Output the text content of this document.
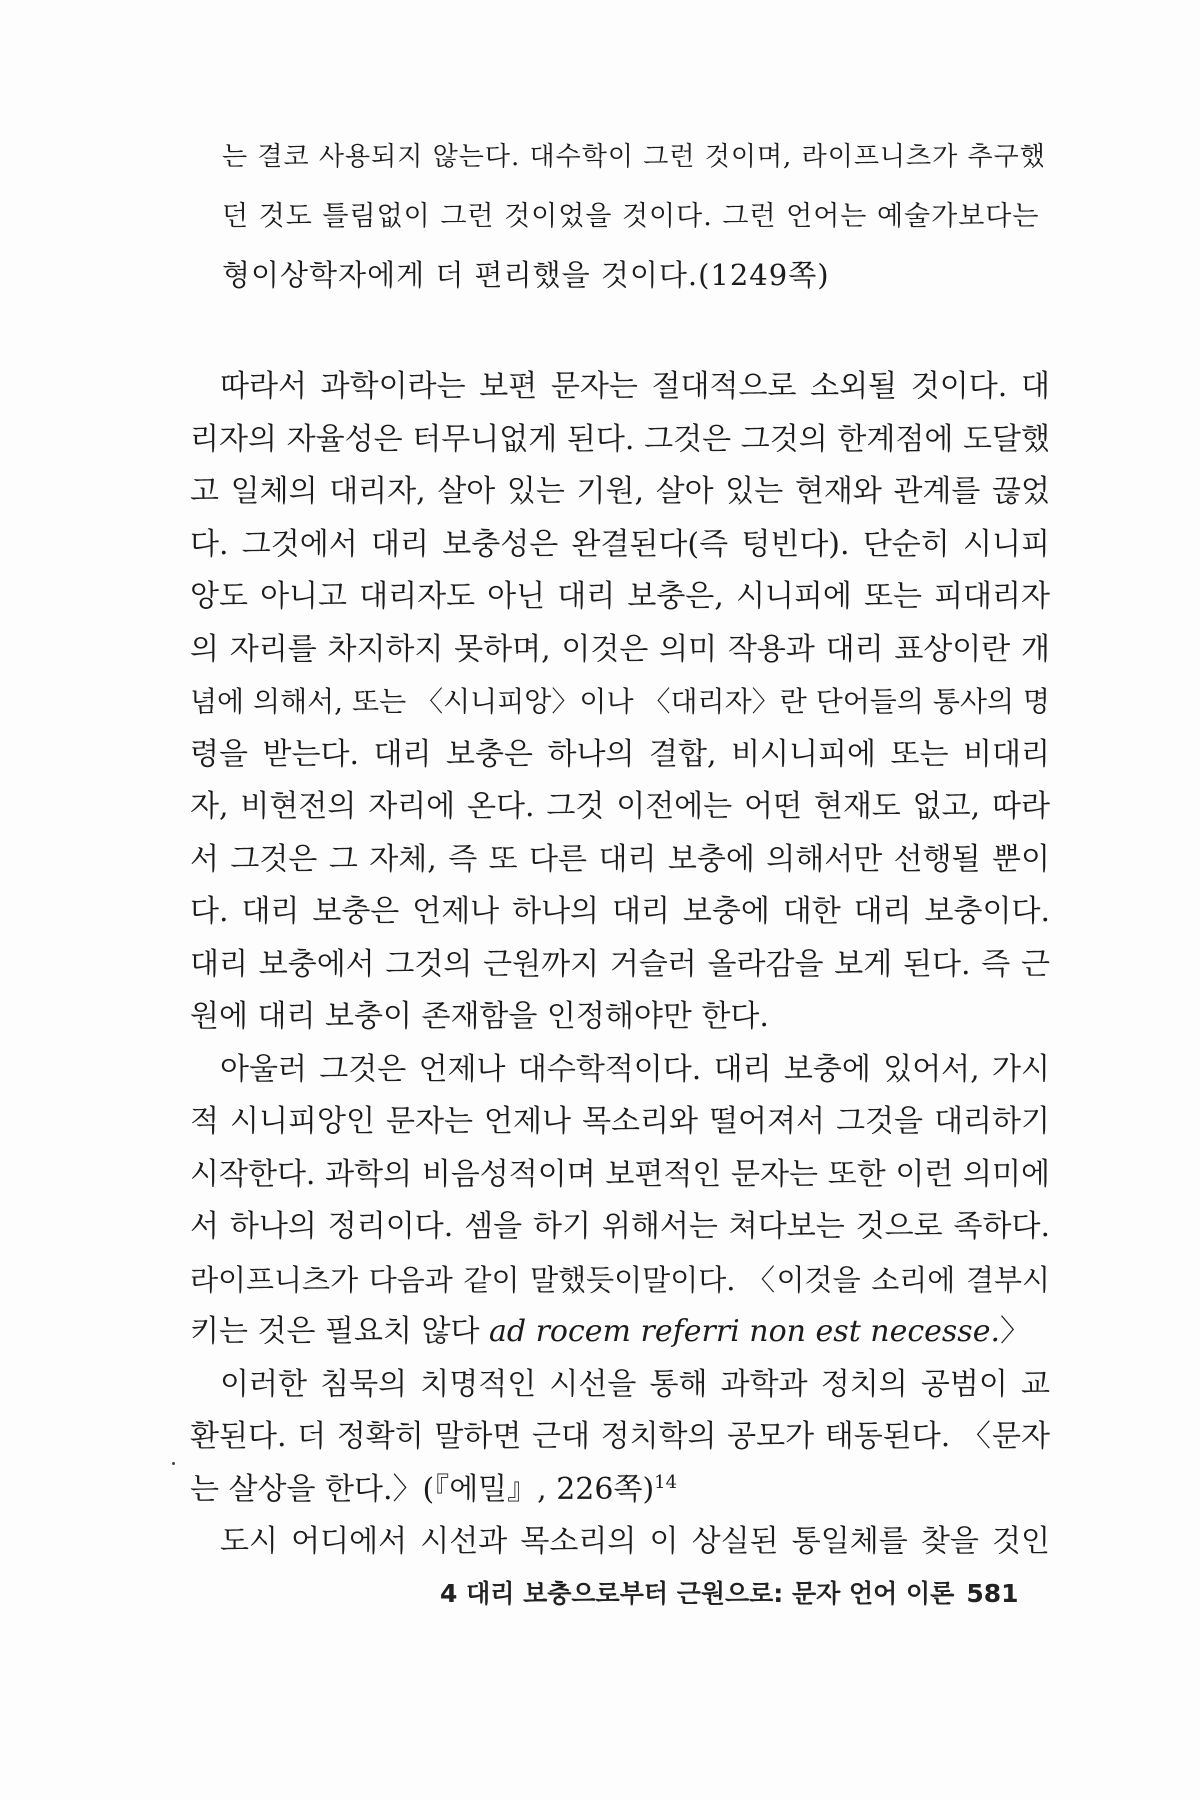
는 결코 사용되지 않는다. 대수학이 그런 것이며, 라이프니츠가 추구했
던 것도 틀림없이 그런 것이었을 것이다. 그런 언어는 예술가보다는
형이상학자에게 더 편리했을 것이다.(1249쪽)
따라서 과학이라는 보편 문자는 절대적으로 소외될 것이다. 대
리자의 자율성은 터무니없게 된다. 그것은 그것의 한계점에 도달했
고 일체의 대리자, 살아 있는 기원, 살아 있는 현재와 관계를 끊었
다. 그것에서 대리 보충성은 완결된다(즉 텅빈다). 단순히 시니피
앙도 아니고 대리자도 아닌 대리 보충은, 시니피에 또는 피대리자
의 자리를 차지하지 못하며, 이것은 의미 작용과 대리 표상이란 개
념에 의해서, 또는 〈시니피앙〉이나 〈대리자〉란 단어들의 통사의 명
령을 받는다. 대리 보충은 하나의 결합, 비시니피에 또는 비대리
자, 비현전의 자리에 온다. 그것 이전에는 어떤 현재도 없고, 따라
서 그것은 그 자체, 즉 또 다른 대리 보충에 의해서만 선행될 뿐이
다. 대리 보충은 언제나 하나의 대리 보충에 대한 대리 보충이다.
대리 보충에서 그것의 근원까지 거슬러 올라감을 보게 된다. 즉 근
원에 대리 보충이 존재함을 인정해야만 한다.
아울러 그것은 언제나 대수학적이다. 대리 보충에 있어서, 가시
적 시니피앙인 문자는 언제나 목소리와 떨어져서 그것을 대리하기
시작한다. 과학의 비음성적이며 보편적인 문자는 또한 이런 의미에
서 하나의 정리이다. 셈을 하기 위해서는 쳐다보는 것으로 족하다.
라이프니츠가 다음과 같이 말했듯이말이다. 〈이것을 소리에 결부시
키는 것은 필요치 않다 ad rocem referri non est necesse.〉
이러한 침묵의 치명적인 시선을 통해 과학과 정치의 공범이 교
환된다. 더 정확히 말하면 근대 정치학의 공모가 태동된다. 〈문자
는 살상을 한다.〉(『에밀』, 226쪽)$^{14}$
도시 어디에서 시선과 목소리의 이 상실된 통일체를 찾을 것인
4 대리 보충으로부터 근원으로: 문자 언어 이론 581
